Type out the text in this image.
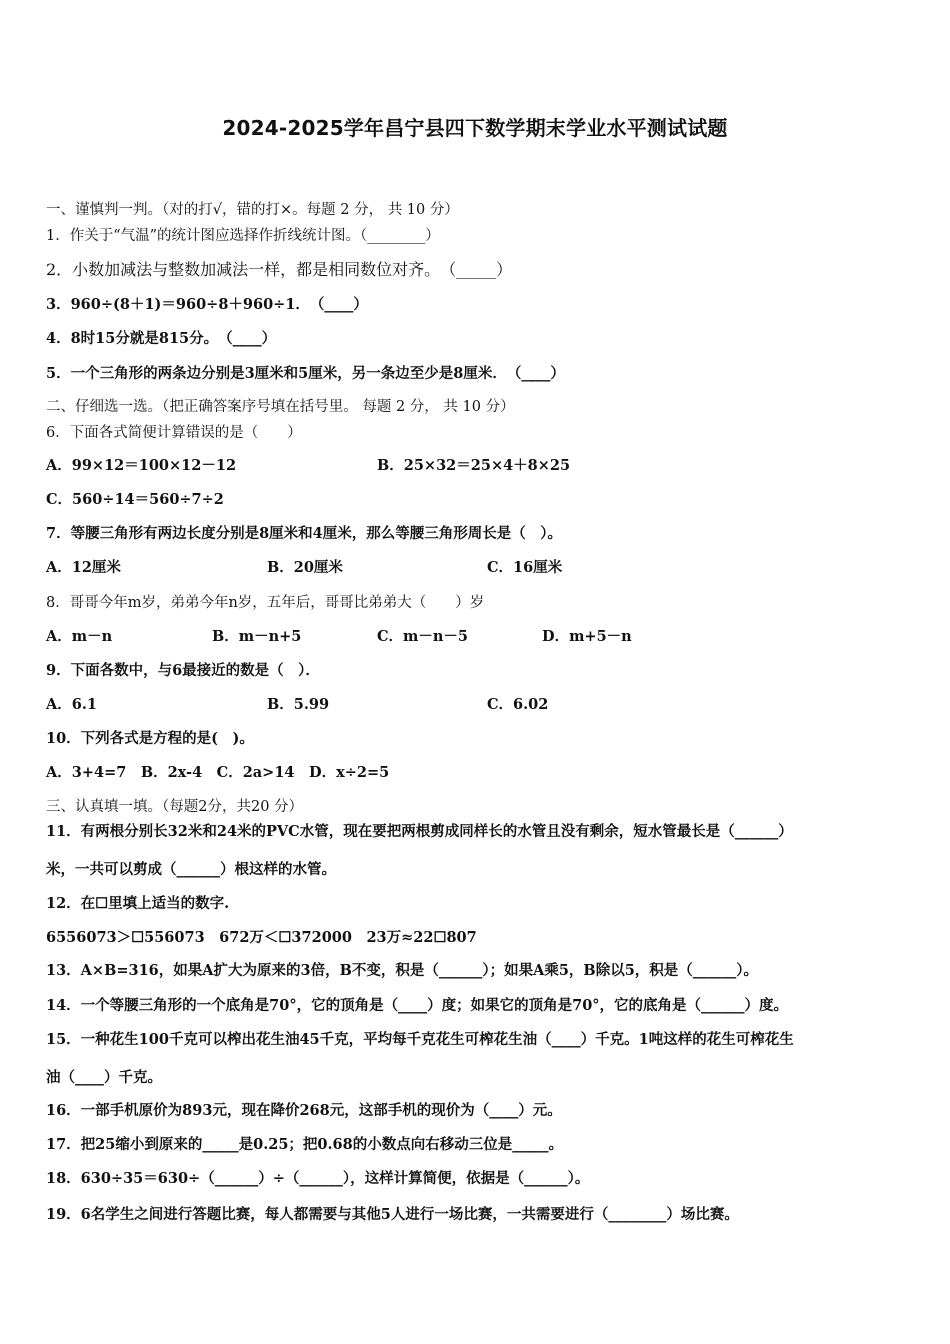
2024-2025学年昌宁县四下数学期末学业水平测试试题
一、谨慎判一判。（对的打√，错的打×。每题 2 分， 共 10 分）
1．作关于“气温”的统计图应选择作折线统计图。（________）
2．小数加减法与整数加减法一样，都是相同数位对齐。　（_____）
3．960÷(8＋1)＝960÷8＋960÷1．　（____）
4．8时15分就是815分。　（____）
5．一个三角形的两条边分别是3厘米和5厘米，另一条边至少是8厘米．　（____）
二、仔细选一选。（把正确答案序号填在括号里。 每题 2 分， 共 10 分）
6．下面各式简便计算错误的是（　　）
A．99×12＝100×12－12	B．25×32＝25×4＋8×25
C．560÷14＝560÷7÷2
7．等腰三角形有两边长度分别是8厘米和4厘米，那么等腰三角形周长是（　）。
A．12厘米	B．20厘米	C．16厘米
8．哥哥今年m岁，弟弟今年n岁，五年后，哥哥比弟弟大（　　）岁
A．m－n	B．m－n+5	C．m－n－5	D．m+5－n
9．下面各数中，与6最接近的数是（　）．
A．6.1	B．5.99	C．6.02
10．下列各式是方程的是(　)。
A．3+4=7　B．2x-4　C．2a>14　D．x÷2=5
三、认真填一填。（每题2分，共20 分）
11．有两根分别长32米和24米的PVC水管，现在要把两根剪成同样长的水管且没有剩余，短水管最长是（______）
米，一共可以剪成（______）根这样的水管。
12．在☐里填上适当的数字.
6556073＞☐556073　672万＜☐372000　23万≈22☐807
13．A×B=316，如果A扩大为原来的3倍，B不变，积是（______）；如果A乘5，B除以5，积是（______）。
14．一个等腰三角形的一个底角是70°，它的顶角是（____）度；如果它的顶角是70°，它的底角是（______）度。
15．一种花生100千克可以榨出花生油45千克，平均每千克花生可榨花生油（____）千克。1吨这样的花生可榨花生
油（____）千克。
16．一部手机原价为893元，现在降价268元，这部手机的现价为（____）元。
17．把25缩小到原来的_____是0.25；把0.68的小数点向右移动三位是_____。
18．630÷35＝630÷（______）÷（______），这样计算简便，依据是（______）。
19．6名学生之间进行答题比赛，每人都需要与其他5人进行一场比赛，一共需要进行（________）场比赛。
